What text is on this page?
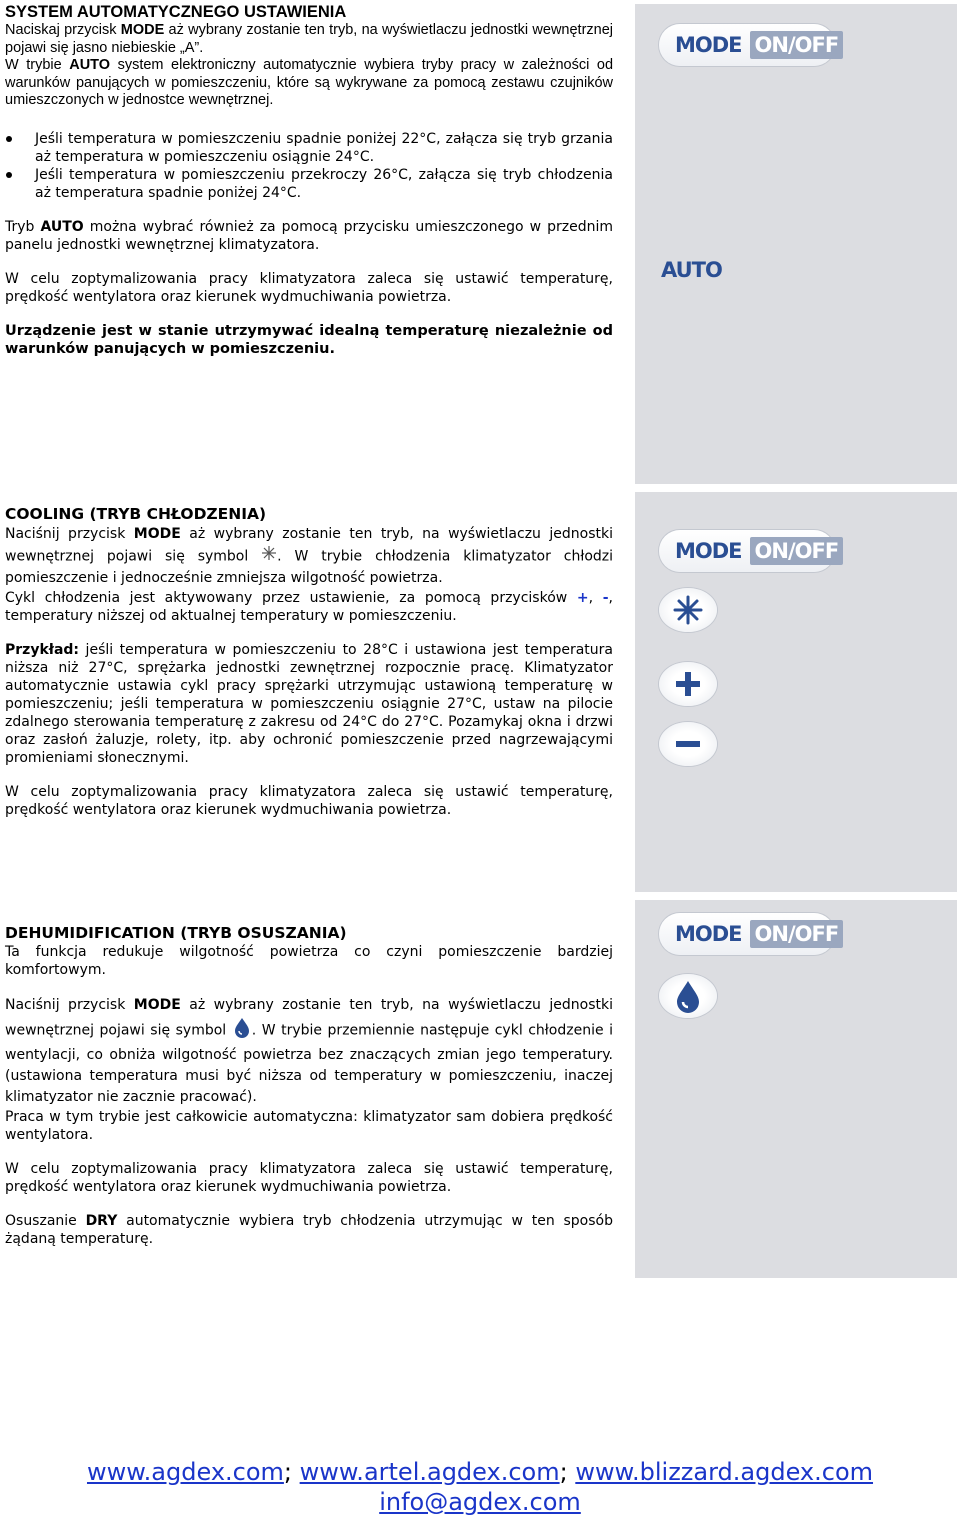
SYSTEM AUTOMATYCZNEGO USTAWIENIA

Naciskaj przycisk MODE aż wybrany zostanie ten tryb, na wyświetlaczu jednostki wewnętrznej pojawi się jasno niebieskie „A”.

W trybie AUTO system elektroniczny automatycznie wybiera tryby pracy w zależności od warunków panujących w pomieszczeniu, które są wykrywane za pomocą zestawu czujników umieszczonych w jednostce wewnętrznej.

Jeśli temperatura w pomieszczeniu spadnie poniżej 22°C, załącza się tryb grzania aż temperatura w pomieszczeniu osiągnie 24°C.
Jeśli temperatura w pomieszczeniu przekroczy 26°C, załącza się tryb chłodzenia aż temperatura spadnie poniżej 24°C.

Tryb AUTO można wybrać również za pomocą przycisku umieszczonego w przednim panelu jednostki wewnętrznej klimatyzatora.

W celu zoptymalizowania pracy klimatyzatora zaleca się ustawić temperaturę, prędkość wentylatora oraz kierunek wydmuchiwania powietrza.

Urządzenie jest w stanie utrzymywać idealną temperaturę niezależnie od warunków panujących w pomieszczeniu.

MODE ON/OFF
AUTO
COOLING (TRYB CHŁODZENIA)

Naciśnij przycisk MODE aż wybrany zostanie ten tryb, na wyświetlaczu jednostki wewnętrznej pojawi się symbol . W trybie chłodzenia klimatyzator chłodzi pomieszczenie i jednocześnie zmniejsza wilgotność powietrza.

Cykl chłodzenia jest aktywowany przez ustawienie, za pomocą przycisków +, -, temperatury niższej od aktualnej temperatury w pomieszczeniu.

Przykład: jeśli temperatura w pomieszczeniu to 28°C i ustawiona jest temperatura niższa niż 27°C, sprężarka jednostki zewnętrznej rozpocznie pracę. Klimatyzator automatycznie ustawia cykl pracy sprężarki utrzymując ustawioną temperaturę w pomieszczeniu; jeśli temperatura w pomieszczeniu osiągnie 27°C, ustaw na pilocie zdalnego sterowania temperaturę z zakresu od 24°C do 27°C. Pozamykaj okna i drzwi oraz zasłoń żaluzje, rolety, itp. aby ochronić pomieszczenie przed nagrzewającymi promieniami słonecznymi.

W celu zoptymalizowania pracy klimatyzatora zaleca się ustawić temperaturę, prędkość wentylatora oraz kierunek wydmuchiwania powietrza.

MODE ON/OFF
DEHUMIDIFICATION (TRYB OSUSZANIA)

Ta funkcja redukuje wilgotność powietrza co czyni pomieszczenie bardziej komfortowym.

Naciśnij przycisk MODE aż wybrany zostanie ten tryb, na wyświetlaczu jednostki wewnętrznej pojawi się symbol . W trybie przemiennie następuje cykl chłodzenie i wentylacji, co obniża wilgotność powietrza bez znaczących zmian jego temperatury.(ustawiona temperatura musi być niższa od temperatury w pomieszczeniu, inaczej klimatyzator nie zacznie pracować).

Praca w tym trybie jest całkowicie automatyczna: klimatyzator sam dobiera prędkość wentylatora.

W celu zoptymalizowania pracy klimatyzatora zaleca się ustawić temperaturę, prędkość wentylatora oraz kierunek wydmuchiwania powietrza.

Osuszanie DRY automatycznie wybiera tryb chłodzenia utrzymując w ten sposób żądaną temperaturę.

MODE ON/OFF
www.agdex.com; www.artel.agdex.com; www.blizzard.agdex.com
info@agdex.com
